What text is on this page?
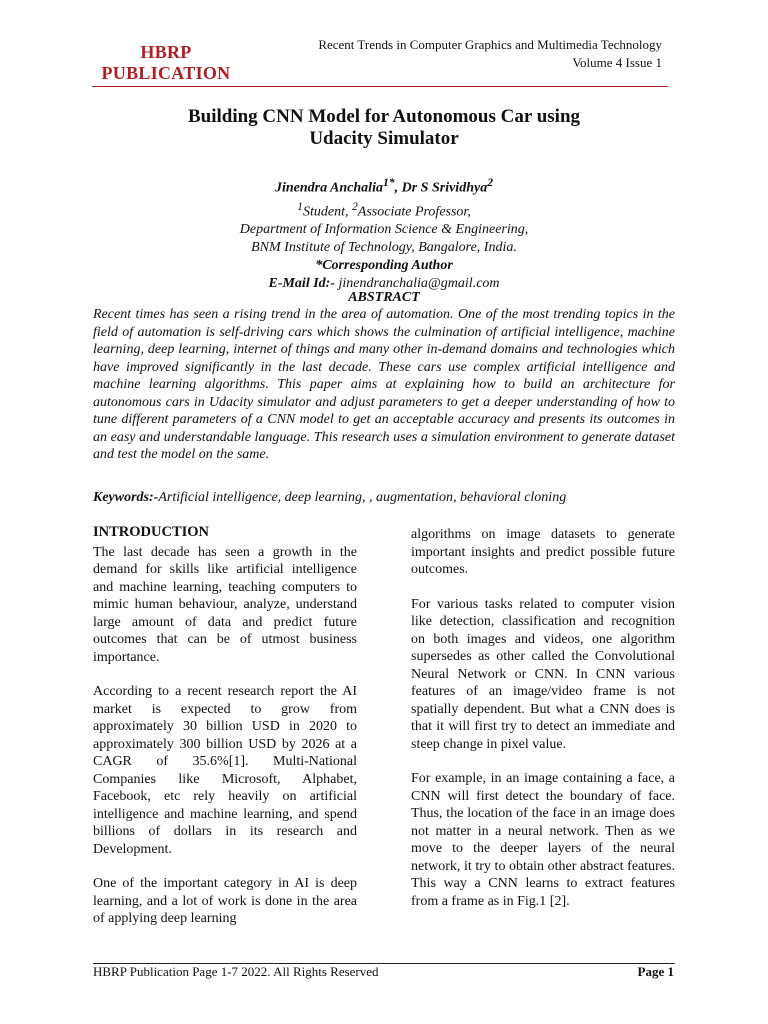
HBRP
PUBLICATION
Recent Trends in Computer Graphics and Multimedia Technology
Volume 4 Issue 1
Building CNN Model for Autonomous Car using
Udacity Simulator
Jinendra Anchalia$^{1*}$, Dr S Srividhya$^2$
$^1$Student, $^2$Associate Professor,
Department of Information Science & Engineering,
BNM Institute of Technology, Bangalore, India.
*Corresponding Author
E-Mail Id:- jinendranchalia@gmail.com
ABSTRACT

Recent times has seen a rising trend in the area of automation. One of the most trending topics in the field of automation is self-driving cars which shows the culmination of artificial intelligence, machine learning, deep learning, internet of things and many other in-demand domains and technologies which have improved significantly in the last decade. These cars use complex artificial intelligence and machine learning algorithms. This paper aims at explaining how to build an architecture for autonomous cars in Udacity simulator and adjust parameters to get a deeper understanding of how to tune different parameters of a CNN model to get an acceptable accuracy and presents its outcomes in an easy and understandable language. This research uses a simulation environment to generate dataset and test the model on the same.

Keywords:-Artificial intelligence, deep learning, , augmentation, behavioral cloning
INTRODUCTION

The last decade has seen a growth in the demand for skills like artificial intelligence and machine learning, teaching computers to mimic human behaviour, analyze, understand large amount of data and predict future outcomes that can be of utmost business importance.

According to a recent research report the AI market is expected to grow from approximately 30 billion USD in 2020 to approximately 300 billion USD by 2026 at a CAGR of 35.6%[1]. Multi-National Companies like Microsoft, Alphabet, Facebook, etc rely heavily on artificial intelligence and machine learning, and spend billions of dollars in its research and Development.

One of the important category in AI is deep learning, and a lot of work is done in the area of applying deep learning

algorithms on image datasets to generate important insights and predict possible future outcomes.

For various tasks related to computer vision like detection, classification and recognition on both images and videos, one algorithm supersedes as other called the Convolutional Neural Network or CNN. In CNN various features of an image/video frame is not spatially dependent. But what a CNN does is that it will first try to detect an immediate and steep change in pixel value.

For example, in an image containing a face, a CNN will first detect the boundary of face. Thus, the location of the face in an image does not matter in a neural network. Then as we move to the deeper layers of the neural network, it try to obtain other abstract features. This way a CNN learns to extract features from a frame as in Fig.1 [2].

HBRP Publication Page 1-7 2022. All Rights Reserved	Page 1
